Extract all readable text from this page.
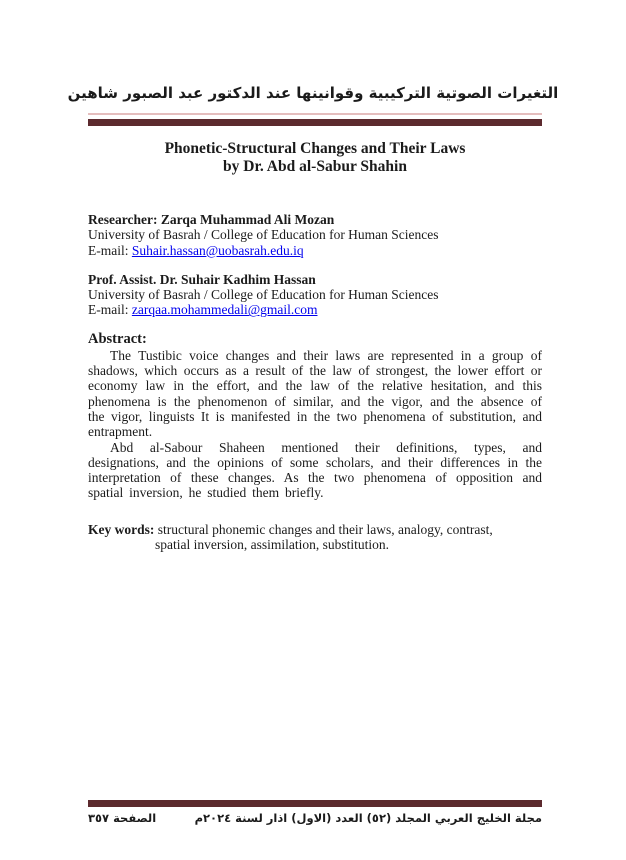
التغيرات الصوتية التركيبية وقوانينها عند الدكتور عبد الصبور شاهين
Phonetic-Structural Changes and Their Laws
by Dr. Abd al-Sabur Shahin
Researcher: Zarqa Muhammad Ali Mozan
University of Basrah / College of Education for Human Sciences
E-mail: Suhair.hassan@uobasrah.edu.iq
Prof. Assist. Dr. Suhair Kadhim Hassan
University of Basrah / College of Education for Human Sciences
E-mail: zarqaa.mohammedali@gmail.com
Abstract:

The Tustibic voice changes and their laws are represented in a group of shadows, which occurs as a result of the law of strongest, the lower effort or economy law in the effort, and the law of the relative hesitation, and this phenomena is the phenomenon of similar, and the vigor, and the absence of the vigor, linguists It is manifested in the two phenomena of substitution, and entrapment.

Abd al-Sabour Shaheen mentioned their definitions, types, and designations, and the opinions of some scholars, and their differences in the interpretation of these changes. As the two phenomena of opposition and spatial inversion, he studied them briefly.

Key words: structural phonemic changes and their laws, analogy, contrast,
spatial inversion, assimilation, substitution.
الصفحة ٣٥٧	مجلة الخليج العربي المجلد (٥٢) العدد (الاول) اذار لسنة ٢٠٢٤م
